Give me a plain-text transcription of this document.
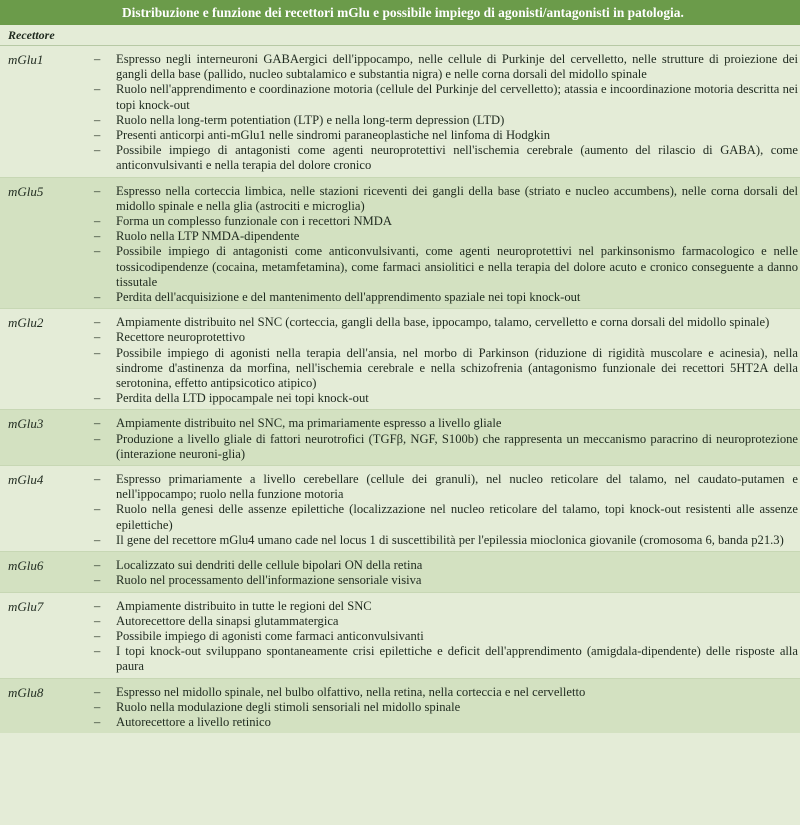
Distribuzione e funzione dei recettori mGlu e possibile impiego di agonisti/antagonisti in patologia.
Recettore
mGlu1	– Espresso negli interneuroni GABAergici dell'ippocampo, nelle cellule di Purkinje del cervelletto, nelle strutture di proiezione dei gangli della base (pallido, nucleo subtalamico e substantia nigra) e nelle corna dorsali del midollo spinale
– Ruolo nell'apprendimento e coordinazione motoria (cellule del Purkinje del cervelletto); atassia e incoordinazione motoria descritta nei topi knock-out
– Ruolo nella long-term potentiation (LTP) e nella long-term depression (LTD)
– Presenti anticorpi anti-mGlu1 nelle sindromi paraneoplastiche nel linfoma di Hodgkin
– Possibile impiego di antagonisti come agenti neuroprotettivi nell'ischemia cerebrale (aumento del rilascio di GABA), come anticonvulsivanti e nella terapia del dolore cronico
mGlu5	– Espresso nella corteccia limbica, nelle stazioni riceventi dei gangli della base (striato e nucleo accumbens), nelle corna dorsali del midollo spinale e nella glia (astrociti e microglia)
– Forma un complesso funzionale con i recettori NMDA
– Ruolo nella LTP NMDA-dipendente
– Possibile impiego di antagonisti come anticonvulsivanti, come agenti neuroprotettivi nel parkinsonismo farmacologico e nelle tossicodipendenze (cocaina, metamfetamina), come farmaci ansiolitici e nella terapia del dolore acuto e cronico conseguente a danno tissutale
– Perdita dell'acquisizione e del mantenimento dell'apprendimento spaziale nei topi knock-out
mGlu2	– Ampiamente distribuito nel SNC (corteccia, gangli della base, ippocampo, talamo, cervelletto e corna dorsali del midollo spinale)
– Recettore neuroprotettivo
– Possibile impiego di agonisti nella terapia dell'ansia, nel morbo di Parkinson (riduzione di rigidità muscolare e acinesia), nella sindrome d'astinenza da morfina, nell'ischemia cerebrale e nella schizofrenia (antagonismo funzionale dei recettori 5HT2A della serotonina, effetto antipsicotico atipico)
– Perdita della LTD ippocampale nei topi knock-out
mGlu3	– Ampiamente distribuito nel SNC, ma primariamente espresso a livello gliale
– Produzione a livello gliale di fattori neurotrofici (TGFβ, NGF, S100b) che rappresenta un meccanismo paracrino di neuroprotezione (interazione neuroni-glia)
mGlu4	– Espresso primariamente a livello cerebellare (cellule dei granuli), nel nucleo reticolare del talamo, nel caudato-putamen e nell'ippocampo; ruolo nella funzione motoria
– Ruolo nella genesi delle assenze epilettiche (localizzazione nel nucleo reticolare del talamo, topi knock-out resistenti alle assenze epilettiche)
– Il gene del recettore mGlu4 umano cade nel locus 1 di suscettibilità per l'epilessia mioclonica giovanile (cromosoma 6, banda p21.3)
mGlu6	– Localizzato sui dendriti delle cellule bipolari ON della retina
– Ruolo nel processamento dell'informazione sensoriale visiva
mGlu7	– Ampiamente distribuito in tutte le regioni del SNC
– Autorecettore della sinapsi glutammatergica
– Possibile impiego di agonisti come farmaci anticonvulsivanti
– I topi knock-out sviluppano spontaneamente crisi epilettiche e deficit dell'apprendimento (amigdala-dipendente) delle risposte alla paura
mGlu8	– Espresso nel midollo spinale, nel bulbo olfattivo, nella retina, nella corteccia e nel cervelletto
– Ruolo nella modulazione degli stimoli sensoriali nel midollo spinale
– Autorecettore a livello retinico
